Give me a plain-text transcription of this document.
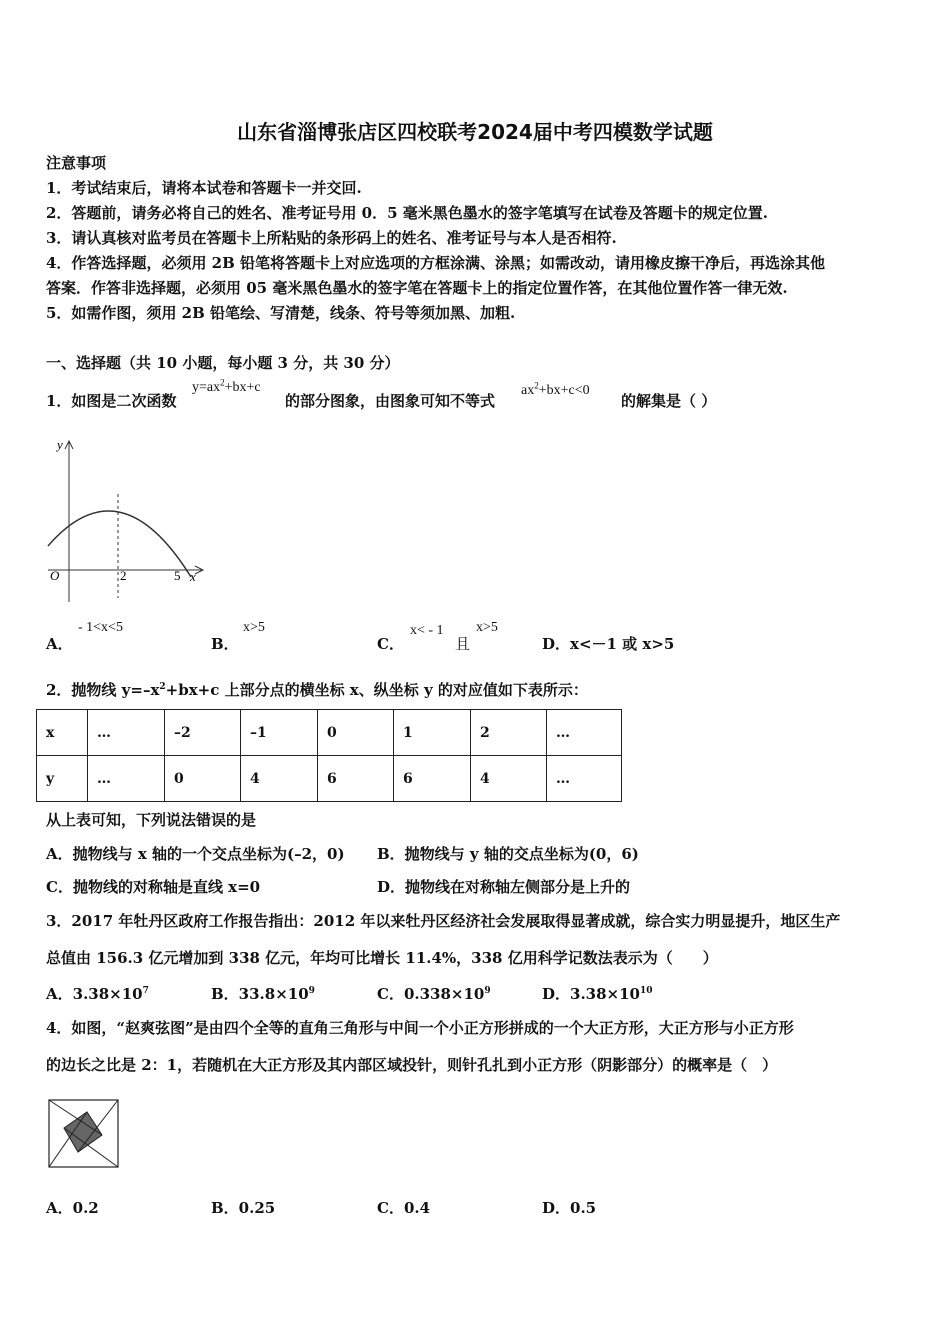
山东省淄博张店区四校联考2024届中考四模数学试题
注意事项
1．考试结束后，请将本试卷和答题卡一并交回.
2．答题前，请务必将自己的姓名、准考证号用 0．5 毫米黑色墨水的签字笔填写在试卷及答题卡的规定位置.
3．请认真核对监考员在答题卡上所粘贴的条形码上的姓名、准考证号与本人是否相符.
4．作答选择题，必须用 2B 铅笔将答题卡上对应选项的方框涂满、涂黑；如需改动，请用橡皮擦干净后，再选涂其他
答案．作答非选择题，必须用 05 毫米黑色墨水的签字笔在答题卡上的指定位置作答，在其他位置作答一律无效.
5．如需作图，须用 2B 铅笔绘、写清楚，线条、符号等须加黑、加粗.
一、选择题（共 10 小题，每小题 3 分，共 30 分）
1．如图是二次函数
$y=ax^2+bx+c$
的部分图象，由图象可知不等式
$ax^2+bx+c<0$
的解集是（ ）
y
O	2	5 x
A．
- 1<x<5
B．
x>5
C．
x< - 1
且
x>5
D．x<－1 或 x>5
2．抛物线 $y=-x^2+bx+c$ 上部分点的横坐标 x、纵坐标 y 的对应值如下表所示：
x	…	–2	–1	0	1	2	…
y	…	0	4	6	6	4	…
从上表可知，下列说法错误的是
A．抛物线与 x 轴的一个交点坐标为(–2，0) B．抛物线与 y 轴的交点坐标为(0，6)
C．抛物线的对称轴是直线 x=0	D．抛物线在对称轴左侧部分是上升的
3．2017 年牡丹区政府工作报告指出：2012 年以来牡丹区经济社会发展取得显著成就，综合实力明显提升，地区生产
总值由 156.3 亿元增加到 338 亿元，年均可比增长 11.4%，338 亿用科学记数法表示为（　　）
A．$3.38\times 10^7$	B．$33.8\times 10^9$	C．$0.338\times 10^9$	D．$3.38\times 10^{10}$
4．如图，“赵爽弦图”是由四个全等的直角三角形与中间一个小正方形拼成的一个大正方形，大正方形与小正方形
的边长之比是 2：1，若随机在大正方形及其内部区域投针，则针孔扎到小正方形（阴影部分）的概率是（　）
A．0.2	B．0.25	C．0.4	D．0.5
